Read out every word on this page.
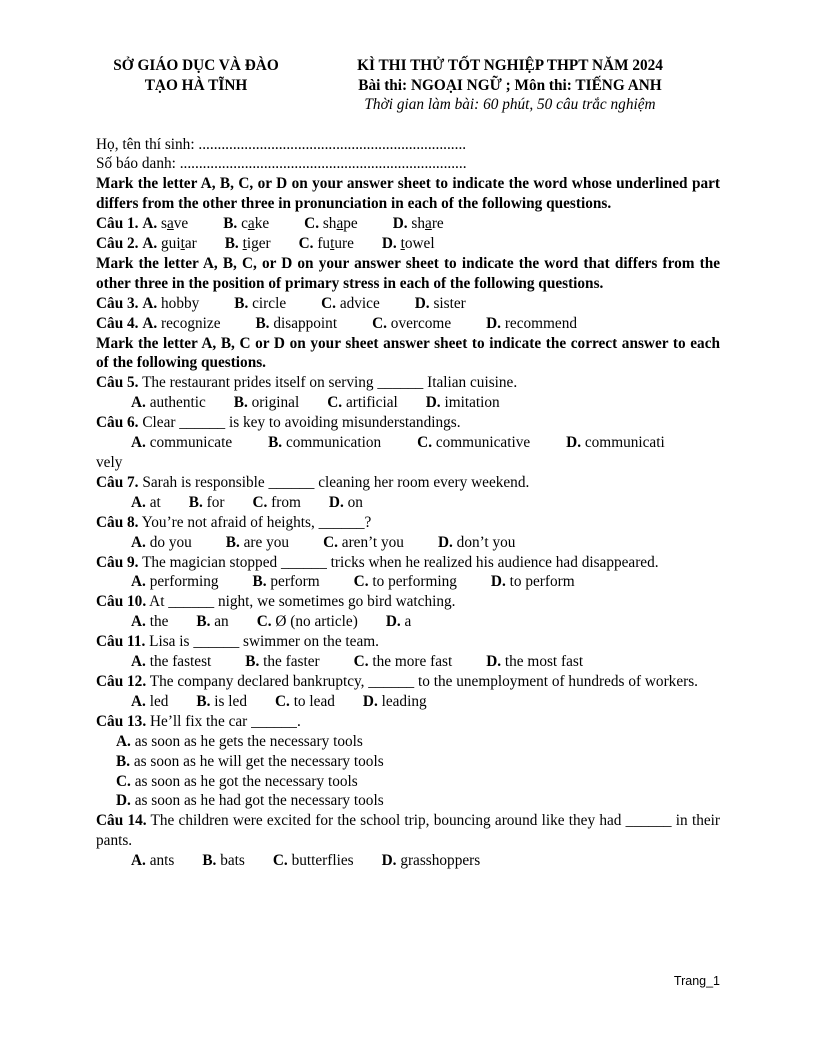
SỞ GIÁO DỤC VÀ ĐÀO
TẠO HÀ TĨNH
KÌ THI THỬ TỐT NGHIỆP THPT NĂM 2024
Bài thi: NGOẠI NGỮ ; Môn thi: TIẾNG ANH
Thời gian làm bài: 60 phút, 50 câu trắc nghiệm
Họ, tên thí sinh: ......................................................................
Số báo danh: ...........................................................................
Mark the letter A, B, C, or D on your answer sheet to indicate the word whose underlined part differs from the other three in pronunciation in each of the following questions.
Câu 1.
A. save B. cake C. shape D. share
Câu 2.
A. guitar B. tiger C. future D. towel
Mark the letter A, B, C, or D on your answer sheet to indicate the word that differs from the other three in the position of primary stress in each of the following questions.
Câu 3.
A. hobby B. circle C. advice D. sister
Câu 4.
A. recognize B. disappoint C. overcome D. recommend
Mark the letter A, B, C or D on your sheet answer sheet to indicate the correct answer to each of the following questions.
Câu 5. The restaurant prides itself on serving ______ Italian cuisine.
A. authentic B. original C. artificial D. imitation
Câu 6. Clear ______ is key to avoiding misunderstandings.
A. communicate B. communication C. communicative D. communicati
vely
Câu 7. Sarah is responsible ______ cleaning her room every weekend.
A. at B. for C. from D. on
Câu 8. You’re not afraid of heights, ______?
A. do you B. are you C. aren’t you D. don’t you
Câu 9. The magician stopped ______ tricks when he realized his audience had disappeared.
A. performing B. perform C. to performing D. to perform
Câu 10. At ______ night, we sometimes go bird watching.
A. the B. an C. Ø (no article) D. a
Câu 11. Lisa is ______ swimmer on the team.
A. the fastest B. the faster C. the more fast D. the most fast
Câu 12. The company declared bankruptcy, ______ to the unemployment of hundreds of workers.
A. led B. is led C. to lead D. leading
Câu 13. He’ll fix the car ______.
A. as soon as he gets the necessary tools
B. as soon as he will get the necessary tools
C. as soon as he got the necessary tools
D. as soon as he had got the necessary tools
Câu 14. The children were excited for the school trip, bouncing around like they had ______ in their pants.
A. ants B. bats C. butterflies D. grasshoppers
Trang_1
